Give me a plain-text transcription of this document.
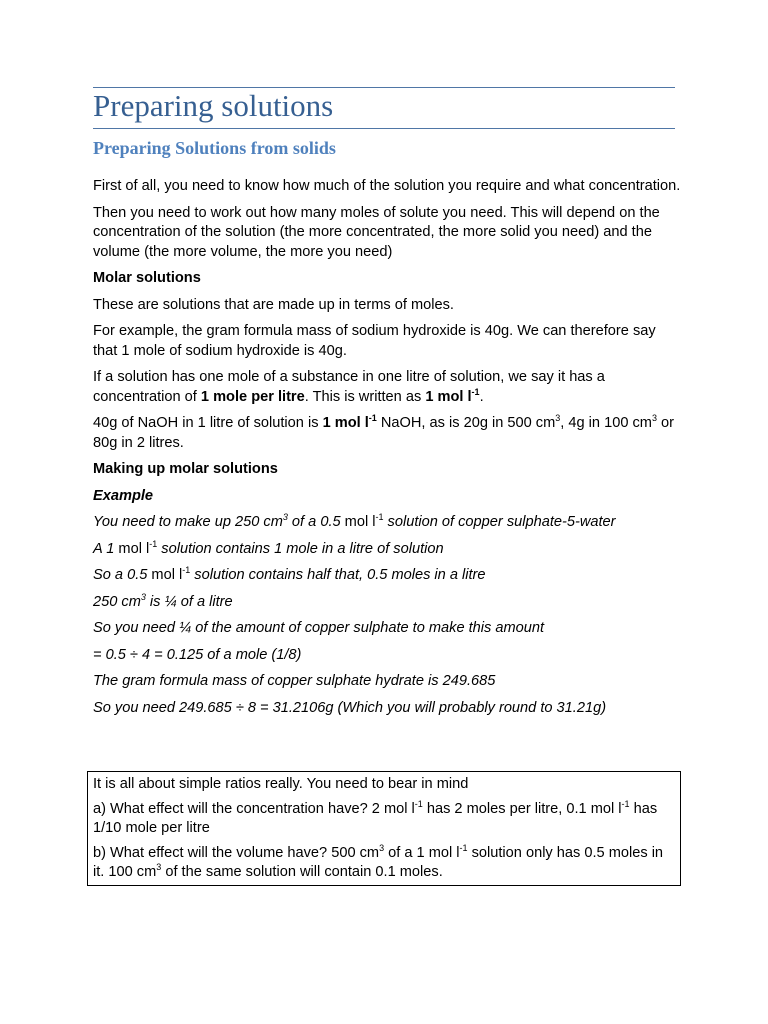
Preparing solutions
Preparing Solutions from solids

First of all, you need to know how much of the solution you require and what concentration.

Then you need to work out how many moles of solute you need. This will depend on the concentration of the solution (the more concentrated, the more solid you need) and the volume (the more volume, the more you need)

Molar solutions

These are solutions that are made up in terms of moles.

For example, the gram formula mass of sodium hydroxide is 40g. We can therefore say that 1 mole of sodium hydroxide is 40g.

If a solution has one mole of a substance in one litre of solution, we say it has a concentration of 1 mole per litre. This is written as 1 mol $l^{-1}$.

40g of NaOH in 1 litre of solution is 1 mol $l^{-1}$ NaOH, as is 20g in 500 $cm^3$, 4g in 100 $cm^3$ or 80g in 2 litres.

Making up molar solutions

Example

You need to make up 250 $cm^3$ of a 0.5 mol $l^{-1}$ solution of copper sulphate-5-water

A 1 mol $l^{-1}$ solution contains 1 mole in a litre of solution

So a 0.5 mol $l^{-1}$ solution contains half that, 0.5 moles in a litre

250 $cm^3$ is ¼ of a litre

So you need ¼ of the amount of copper sulphate to make this amount

= 0.5 ÷ 4 = 0.125 of a mole (1/8)

The gram formula mass of copper sulphate hydrate is 249.685

So you need 249.685 ÷ 8 = 31.2106g (Which you will probably round to 31.21g)

It is all about simple ratios really. You need to bear in mind

a) What effect will the concentration have? 2 mol $l^{-1}$ has 2 moles per litre, 0.1 mol $l^{-1}$ has 1/10 mole per litre

b) What effect will the volume have? 500 $cm^3$ of a 1 mol $l^{-1}$ solution only has 0.5 moles in it. 100 $cm^3$ of the same solution will contain 0.1 moles.
